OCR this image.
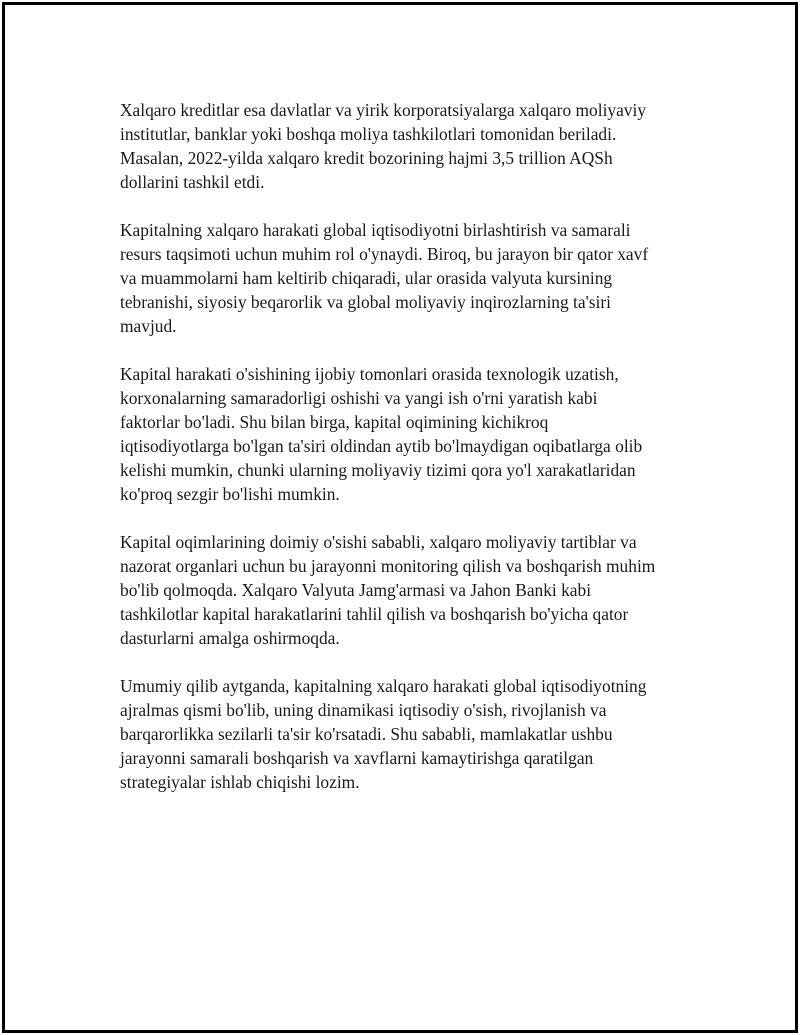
Xalqaro kreditlar esa davlatlar va yirik korporatsiyalarga xalqaro moliyaviy
institutlar, banklar yoki boshqa moliya tashkilotlari tomonidan beriladi.
Masalan, 2022-yilda xalqaro kredit bozorining hajmi 3,5 trillion AQSh
dollarini tashkil etdi.

Kapitalning xalqaro harakati global iqtisodiyotni birlashtirish va samarali
resurs taqsimoti uchun muhim rol o'ynaydi. Biroq, bu jarayon bir qator xavf
va muammolarni ham keltirib chiqaradi, ular orasida valyuta kursining
tebranishi, siyosiy beqarorlik va global moliyaviy inqirozlarning ta'siri
mavjud.

Kapital harakati o'sishining ijobiy tomonlari orasida texnologik uzatish,
korxonalarning samaradorligi oshishi va yangi ish o'rni yaratish kabi
faktorlar bo'ladi. Shu bilan birga, kapital oqimining kichikroq
iqtisodiyotlarga bo'lgan ta'siri oldindan aytib bo'lmaydigan oqibatlarga olib
kelishi mumkin, chunki ularning moliyaviy tizimi qora yo'l xarakatlaridan
ko'proq sezgir bo'lishi mumkin.

Kapital oqimlarining doimiy o'sishi sababli, xalqaro moliyaviy tartiblar va
nazorat organlari uchun bu jarayonni monitoring qilish va boshqarish muhim
bo'lib qolmoqda. Xalqaro Valyuta Jamg'armasi va Jahon Banki kabi
tashkilotlar kapital harakatlarini tahlil qilish va boshqarish bo'yicha qator
dasturlarni amalga oshirmoqda.

Umumiy qilib aytganda, kapitalning xalqaro harakati global iqtisodiyotning
ajralmas qismi bo'lib, uning dinamikasi iqtisodiy o'sish, rivojlanish va
barqarorlikka sezilarli ta'sir ko'rsatadi. Shu sababli, mamlakatlar ushbu
jarayonni samarali boshqarish va xavflarni kamaytirishga qaratilgan
strategiyalar ishlab chiqishi lozim.
